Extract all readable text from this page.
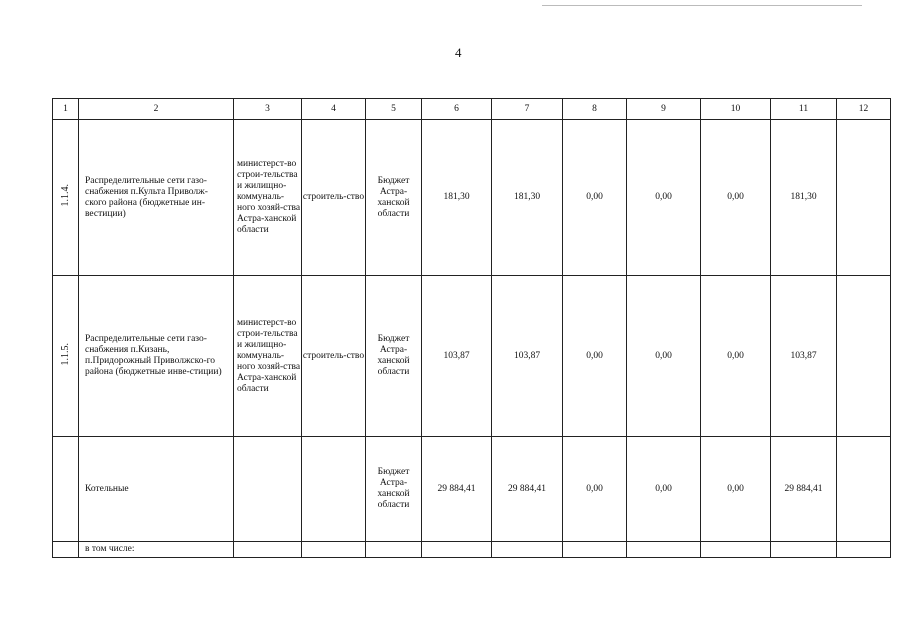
4
1	2	3	4	5	6	7	8	9	10	11	12
1.1.4.	Распределительные сети газо-снабжения п.Культа Приволж-ского района (бюджетные ин-вестиции)	министерст-во строи-тельства и жилищно-коммуналь-ного хозяй-ства Астра-ханской области	строитель-ство	Бюджет Астра-ханской области	181,30	181,30	0,00	0,00	0,00	181,30	
1.1.5.	Распределительные сети газо-снабжения п.Кизань, п.Придорожный Приволжско-го района (бюджетные инве-стиции)	министерст-во строи-тельства и жилищно-коммуналь-ного хозяй-ства Астра-ханской области	строитель-ство	Бюджет Астра-ханской области	103,87	103,87	0,00	0,00	0,00	103,87	
	Котельные			Бюджет Астра-ханской области	29 884,41	29 884,41	0,00	0,00	0,00	29 884,41	
	в том числе:										
